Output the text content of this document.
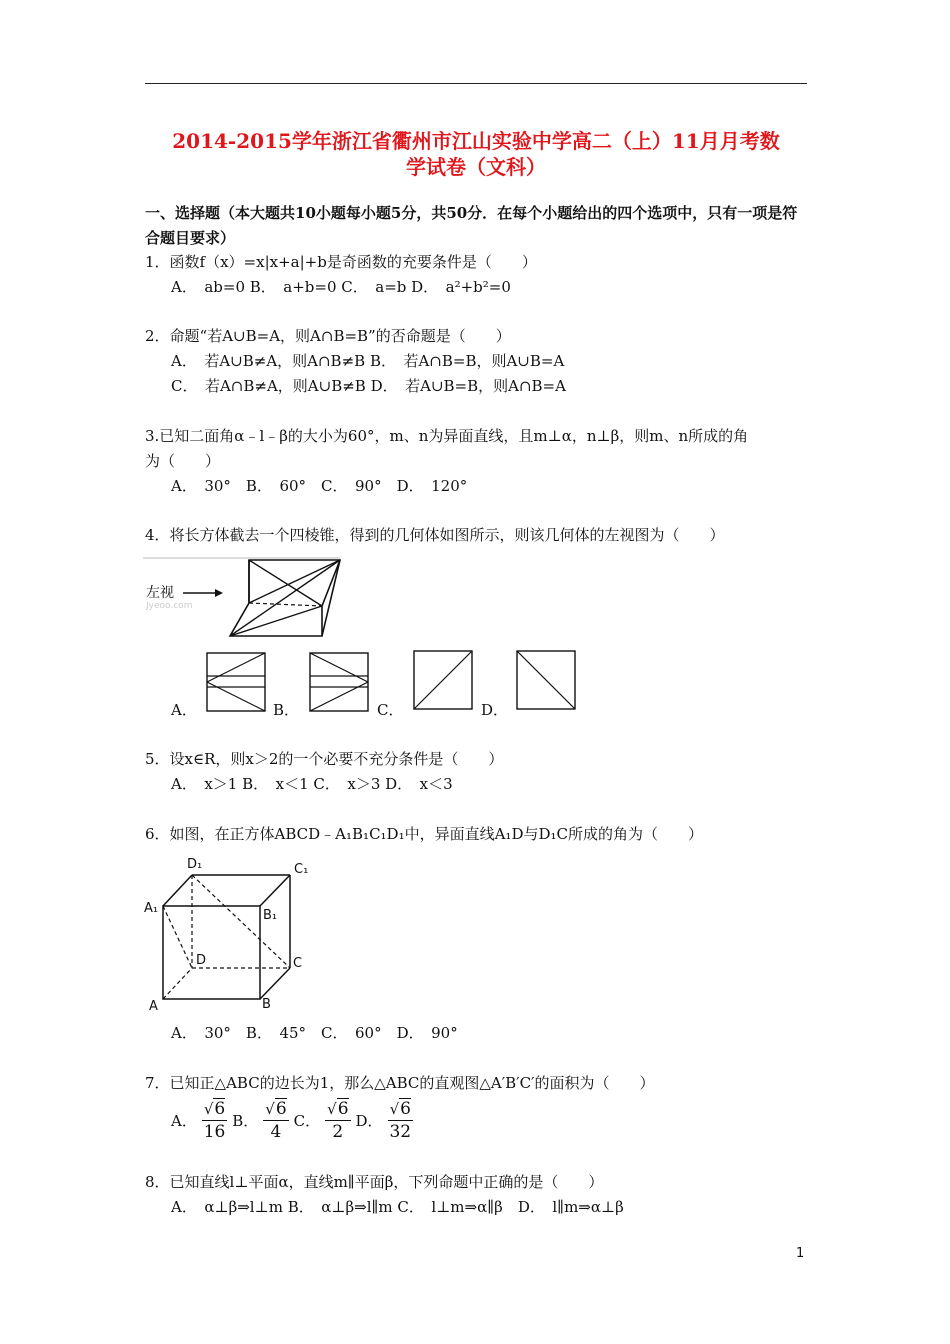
2014-2015学年浙江省衢州市江山实验中学高二（上）11月月考数
学试卷（文科）
一、选择题（本大题共10小题每小题5分，共50分．在每个小题给出的四个选项中，只有一项是符合题目要求）
1．函数f（x）=x|x+a|+b是奇函数的充要条件是（　　）
A．　ab=0 B．　a+b=0 C．　a=b D．　a²+b²=0
2．命题“若A∪B=A，则A∩B=B”的否命题是（　　）
A．　若A∪B≠A，则A∩B≠B B．　若A∩B=B，则A∪B=A
C．　若A∩B≠A，则A∪B≠B D．　若A∪B=B，则A∩B=A
3.已知二面角α﹣l﹣β的大小为60°，m、n为异面直线，且m⊥α，n⊥β，则m、n所成的角
为（　　）
A．　30°　B．　60°　C．　90°　D．　120°
4．将长方体截去一个四棱锥，得到的几何体如图所示，则该几何体的左视图为（　　）
左视
Jyeoo.com
A．	B．	C．	D．
5．设x∈R，则x＞2的一个必要不充分条件是（　　）
A．　x＞1 B．　x＜1 C．　x＞3 D．　x＜3
6．如图，在正方体ABCD﹣A₁B₁C₁D₁中，异面直线A₁D与D₁C所成的角为（　　）
D₁	C₁
A₁	B₁
D	C
A	B
A．　30°　B．　45°　C．　60°　D．　90°
7．已知正△ABC的边长为1，那么△ABC的直观图△A′B′C′的面积为（　　）
A． $\frac{√6}{16}$ B． $\frac{√6}{4}$ C． $\frac{√6}{2}$ D． $\frac{√6}{32}$
8．已知直线l⊥平面α，直线m∥平面β，下列命题中正确的是（　　）
A．　α⊥β⇒l⊥m B．　α⊥β⇒l∥m C．　l⊥m⇒α∥β　D．　l∥m⇒α⊥β
1
